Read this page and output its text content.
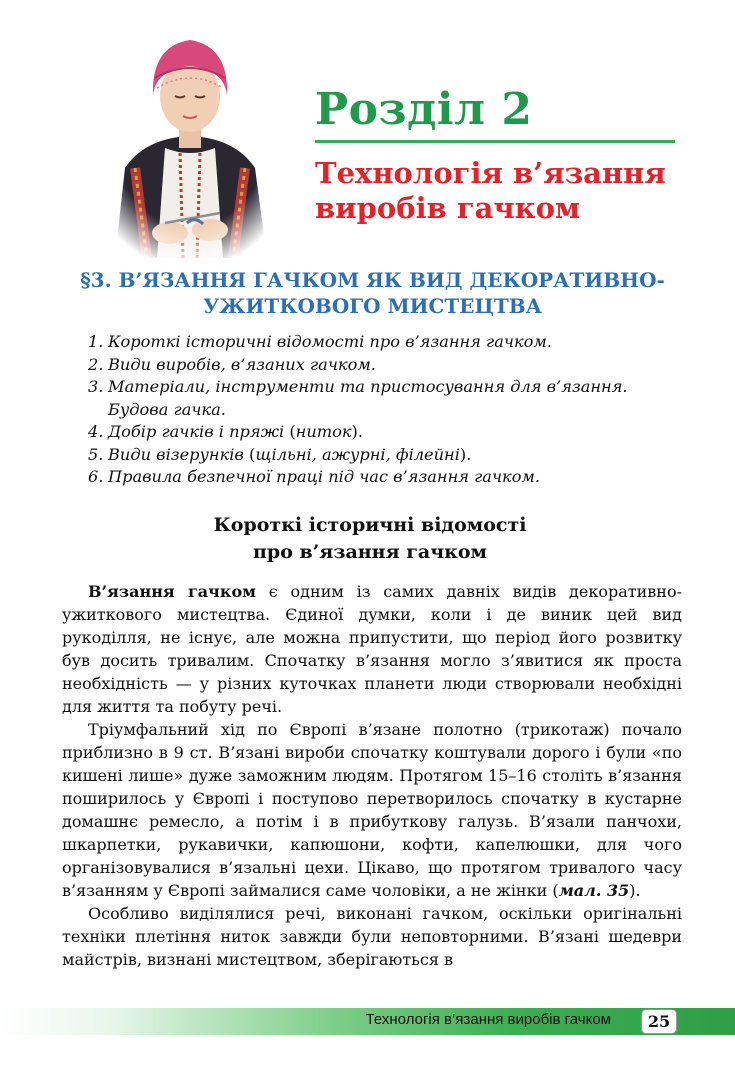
Розділ 2
Технологія в’язання виробів гачком
§3. В’ЯЗАННЯ ГАЧКОМ ЯК ВИД ДЕКОРАТИВНО-УЖИТКОВОГО МИСТЕЦТВА
1. Короткі історичні відомості про в’язання гачком.
2. Види виробів, в’язаних гачком.
3. Матеріали, інструменти та пристосування для в’язання.
Будова гачка.
4. Добір гачків і пряжі (ниток).
5. Види візерунків (щільні, ажурні, філейні).
6. Правила безпечної праці під час в’язання гачком.
Короткі історичні відомості
про в’язання гачком

В’язання гачком є одним із самих давніх видів декоративно-ужиткового мистецтва. Єдиної думки, коли і де виник цей вид рукоділля, не існує, але можна припустити, що період його розвитку був досить тривалим. Спочатку в’язання могло з’явитися як проста необхідність — у різних куточках планети люди створювали необхідні для життя та побуту речі.

Тріумфальний хід по Європі в’язане полотно (трикотаж) почало приблизно в 9 ст. В’язані вироби спочатку коштували дорого і були «по кишені лише» дуже заможним людям. Протягом 15–16 століть в’язання поширилось у Європі і поступово перетворилось спочатку в кустарне домашнє ремесло, а потім і в прибуткову галузь. В’язали панчохи, шкарпетки, рукавички, капюшони, кофти, капелюшки, для чого організовувалися в’язальні цехи. Цікаво, що протягом тривалого часу в’язанням у Європі займалися саме чоловіки, а не жінки (мал. 35).

Особливо виділялися речі, виконані гачком, оскільки оригінальні техніки плетіння ниток завжди були неповторними. В’язані шедеври майстрів, визнані мистецтвом, зберігаються в

Технологія в’язання виробів гачком	25
